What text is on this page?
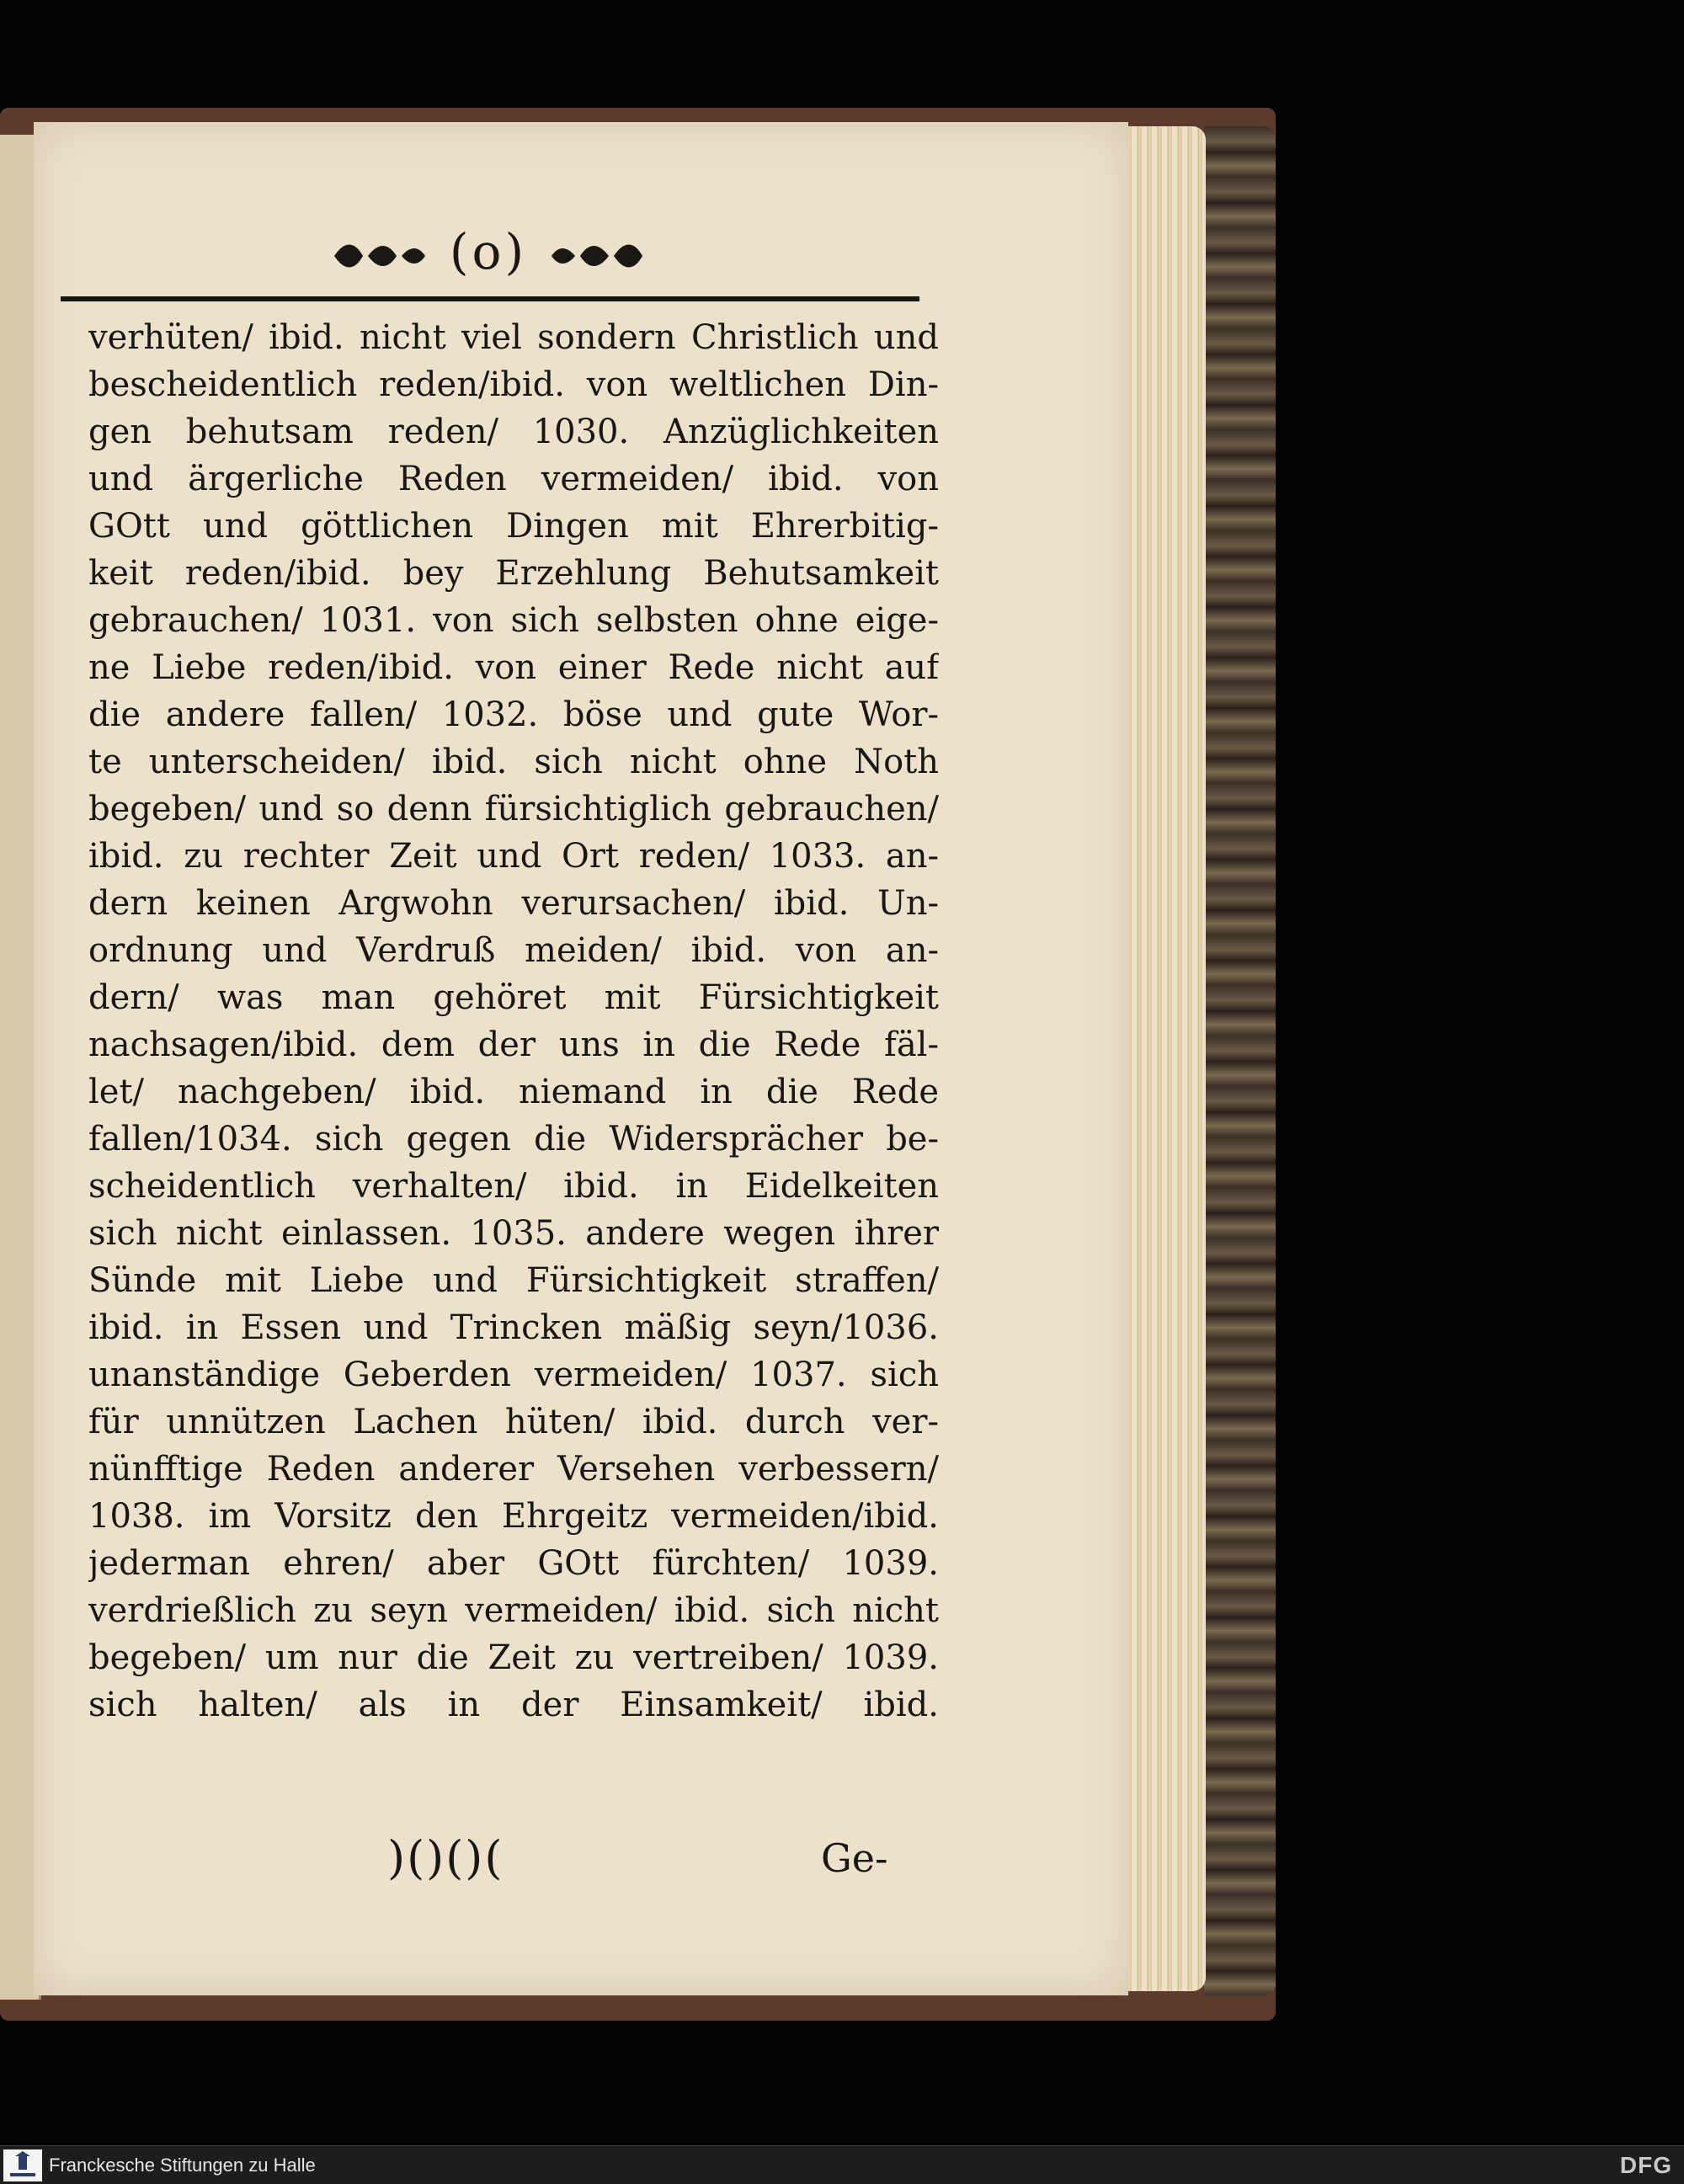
(o)
verhüten/ ibid. nicht viel sondern Christlich und
bescheidentlich reden/ibid. von weltlichen Din-
gen behutsam reden/ 1030. Anzüglichkeiten
und ärgerliche Reden vermeiden/ ibid. von
GOtt und göttlichen Dingen mit Ehrerbitig-
keit reden/ibid. bey Erzehlung Behutsamkeit
gebrauchen/ 1031. von sich selbsten ohne eige-
ne Liebe reden/ibid. von einer Rede nicht auf
die andere fallen/ 1032. böse und gute Wor-
te unterscheiden/ ibid. sich nicht ohne Noth
begeben/ und so denn fürsichtiglich gebrauchen/
ibid. zu rechter Zeit und Ort reden/ 1033. an-
dern keinen Argwohn verursachen/ ibid. Un-
ordnung und Verdruß meiden/ ibid. von an-
dern/ was man gehöret mit Fürsichtigkeit
nachsagen/ibid. dem der uns in die Rede fäl-
let/ nachgeben/ ibid. niemand in die Rede
fallen/1034. sich gegen die Widersprächer be-
scheidentlich verhalten/ ibid. in Eidelkeiten
sich nicht einlassen. 1035. andere wegen ihrer
Sünde mit Liebe und Fürsichtigkeit straffen/
ibid. in Essen und Trincken mäßig seyn/1036.
unanständige Geberden vermeiden/ 1037. sich
für unnützen Lachen hüten/ ibid. durch ver-
nünfftige Reden anderer Versehen verbessern/
1038. im Vorsitz den Ehrgeitz vermeiden/ibid.
jederman ehren/ aber GOtt fürchten/ 1039.
verdrießlich zu seyn vermeiden/ ibid. sich nicht
begeben/ um nur die Zeit zu vertreiben/ 1039.
sich halten/ als in der Einsamkeit/ ibid.
)()()(	Ge-
Franckesche Stiftungen zu Halle	DFG
